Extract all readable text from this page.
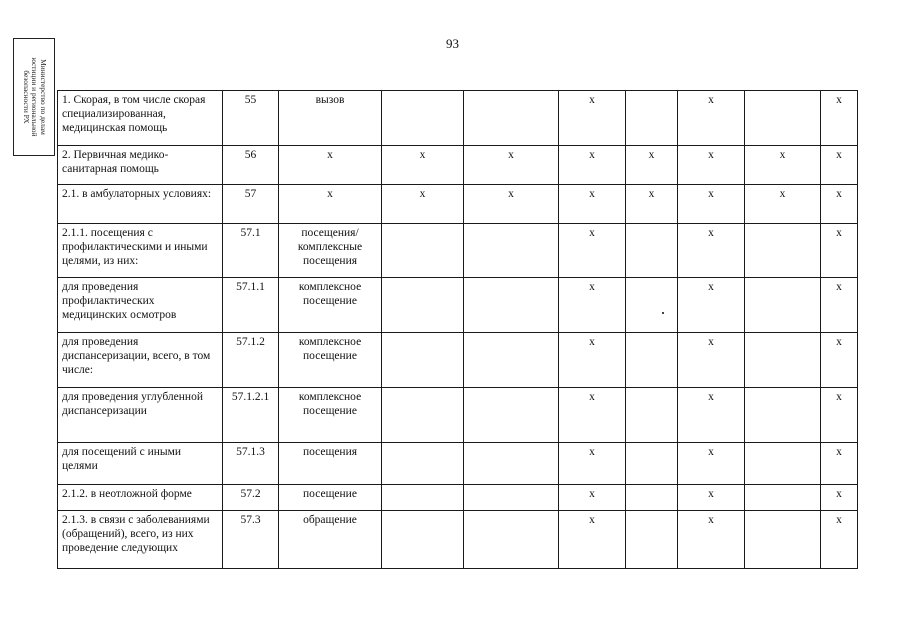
93
Министерство по делам
юстиции и региональной
безопасности РХ
1. Скорая, в том числе скорая специализированная, медицинская помощь	55	вызов			х		х		х
2. Первичная медико-санитарная помощь	56	х	х	х	х	х	х	х	х
2.1. в амбулаторных условиях:	57	х	х	х	х	х	х	х	х
2.1.1. посещения с профилактическими и иными целями, из них:	57.1	посещения/ комплексные посещения			х		х		х
для проведения профилактических медицинских осмотров	57.1.1	комплексное посещение			х		х		х
для проведения диспансеризации, всего, в том числе:	57.1.2	комплексное посещение			х		х		х
для проведения углубленной диспансеризации	57.1.2.1	комплексное посещение			х		х		х
для посещений с иными целями	57.1.3	посещения			х		х		х
2.1.2. в неотложной форме	57.2	посещение			х		х		х
2.1.3. в связи с заболеваниями (обращений), всего, из них проведение следующих	57.3	обращение			х		х		х
